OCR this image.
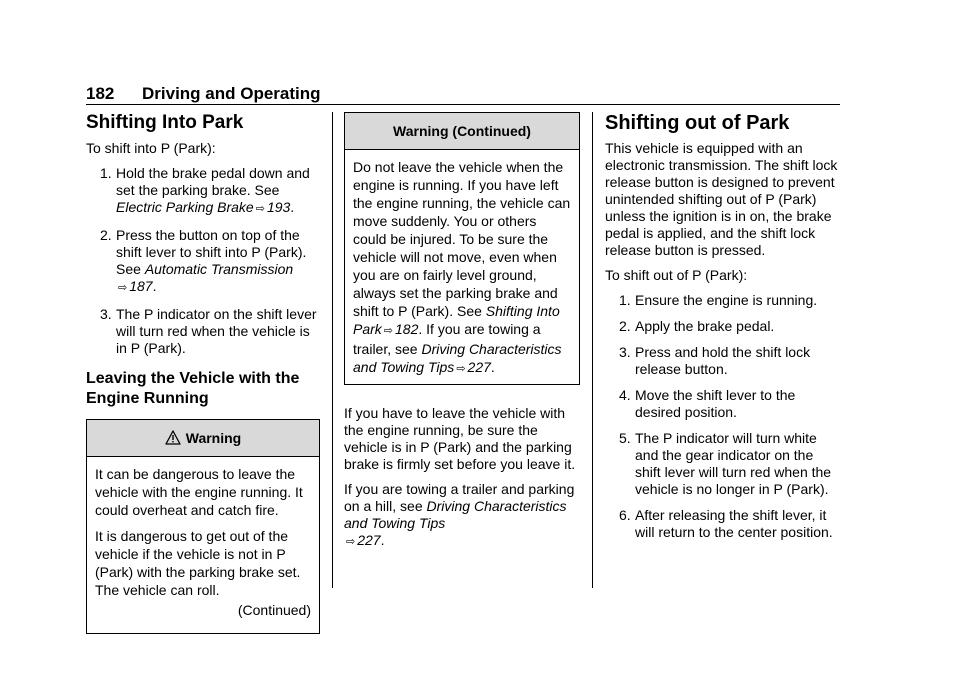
182 Driving and Operating
Shifting Into Park

To shift into P (Park):

1. Hold the brake pedal down and set the parking brake. See Electric Parking Brake ⇨ 193.
2. Press the button on top of the shift lever to shift into P (Park). See Automatic Transmission
⇨ 187.
3. The P indicator on the shift lever will turn red when the vehicle is in P (Park).
Leaving the Vehicle with the Engine Running
Warning

It can be dangerous to leave the vehicle with the engine running. It could overheat and catch fire.

It is dangerous to get out of the vehicle if the vehicle is not in P (Park) with the parking brake set. The vehicle can roll.

(Continued)

Warning (Continued)

Do not leave the vehicle when the engine is running. If you have left the engine running, the vehicle can move suddenly. You or others could be injured. To be sure the vehicle will not move, even when you are on fairly level ground, always set the parking brake and shift to P (Park). See Shifting Into Park ⇨ 182. If you are towing a trailer, see Driving Characteristics and Towing Tips ⇨ 227.

If you have to leave the vehicle with the engine running, be sure the vehicle is in P (Park) and the parking brake is firmly set before you leave it.

If you are towing a trailer and parking on a hill, see Driving Characteristics and Towing Tips
⇨ 227.

Shifting out of Park

This vehicle is equipped with an electronic transmission. The shift lock release button is designed to prevent unintended shifting out of P (Park) unless the ignition is in on, the brake pedal is applied, and the shift lock release button is pressed.

To shift out of P (Park):

1. Ensure the engine is running.
2. Apply the brake pedal.
3. Press and hold the shift lock release button.
4. Move the shift lever to the desired position.
5. The P indicator will turn white and the gear indicator on the shift lever will turn red when the vehicle is no longer in P (Park).
6. After releasing the shift lever, it will return to the center position.
